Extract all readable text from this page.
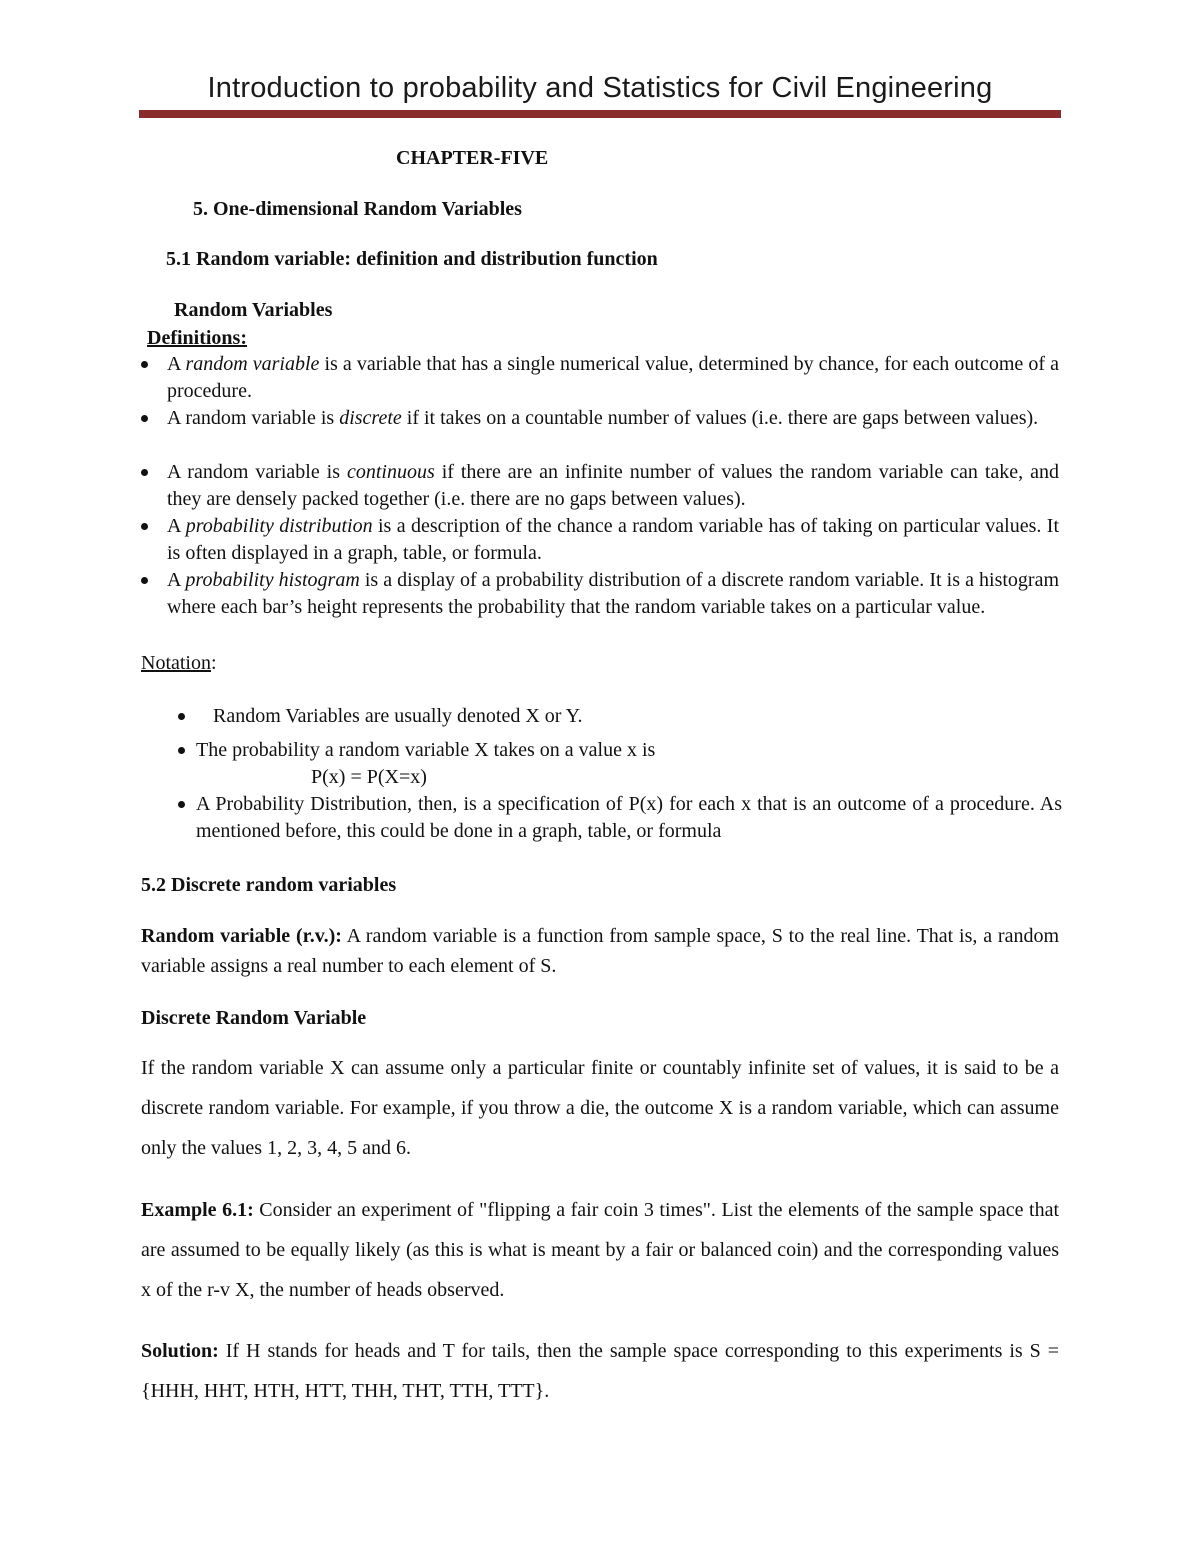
Introduction to probability and Statistics for Civil Engineering
CHAPTER-FIVE
5. One-dimensional Random Variables
5.1 Random variable: definition and distribution function
Random Variables
Definitions:
A random variable is a variable that has a single numerical value, determined by chance, for each outcome of a procedure.
A random variable is discrete if it takes on a countable number of values (i.e. there are gaps between values).
A random variable is continuous if there are an infinite number of values the random variable can take, and they are densely packed together (i.e. there are no gaps between values).
A probability distribution is a description of the chance a random variable has of taking on particular values. It is often displayed in a graph, table, or formula.
A probability histogram is a display of a probability distribution of a discrete random variable. It is a histogram where each bar’s height represents the probability that the random variable takes on a particular value.
Notation:
Random Variables are usually denoted X or Y.
The probability a random variable X takes on a value x is
P(x) = P(X=x)
A Probability Distribution, then, is a specification of P(x) for each x that is an outcome of a procedure. As mentioned before, this could be done in a graph, table, or formula
5.2 Discrete random variables
Random variable (r.v.): A random variable is a function from sample space, S to the real line. That is, a random variable assigns a real number to each element of S.
Discrete Random Variable
If the random variable X can assume only a particular finite or countably infinite set of values, it is said to be a discrete random variable. For example, if you throw a die, the outcome X is a random variable, which can assume only the values 1, 2, 3, 4, 5 and 6.
Example 6.1: Consider an experiment of "flipping a fair coin 3 times". List the elements of the sample space that are assumed to be equally likely (as this is what is meant by a fair or balanced coin) and the corresponding values x of the r-v X, the number of heads observed.
Solution: If H stands for heads and T for tails, then the sample space corresponding to this experiments is S = {HHH, HHT, HTH, HTT, THH, THT, TTH, TTT}.
